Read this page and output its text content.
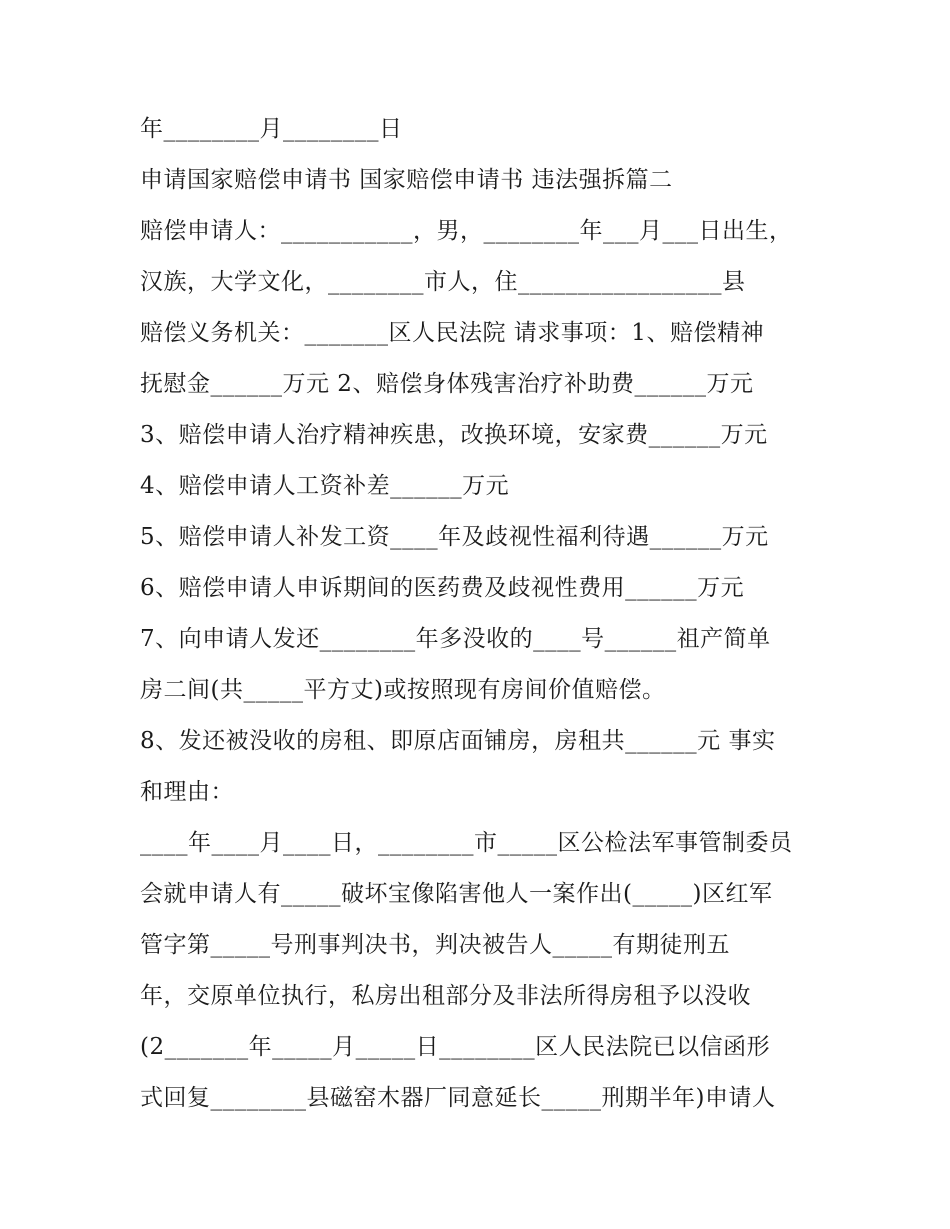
年________月________日
申请国家赔偿申请书 国家赔偿申请书 违法强拆篇二
赔偿申请人：___________，男，________年___月___日出生，
汉族，大学文化，________市人，住_________________县
赔偿义务机关：_______区人民法院 请求事项：1、赔偿精神
抚慰金______万元 2、赔偿身体残害治疗补助费______万元
3、赔偿申请人治疗精神疾患，改换环境，安家费______万元
4、赔偿申请人工资补差______万元
5、赔偿申请人补发工资____年及歧视性福利待遇______万元
6、赔偿申请人申诉期间的医药费及歧视性费用______万元
7、向申请人发还________年多没收的____号______祖产简单
房二间(共_____平方丈)或按照现有房间价值赔偿。
8、发还被没收的房租、即原店面铺房，房租共______元 事实
和理由：
____年____月____日，________市_____区公检法军事管制委员
会就申请人有_____破坏宝像陷害他人一案作出(_____)区红军
管字第_____号刑事判决书，判决被告人_____有期徒刑五
年，交原单位执行，私房出租部分及非法所得房租予以没收
(2_______年_____月_____日________区人民法院已以信函形
式回复________县磁窑木器厂同意延长_____刑期半年)申请人
